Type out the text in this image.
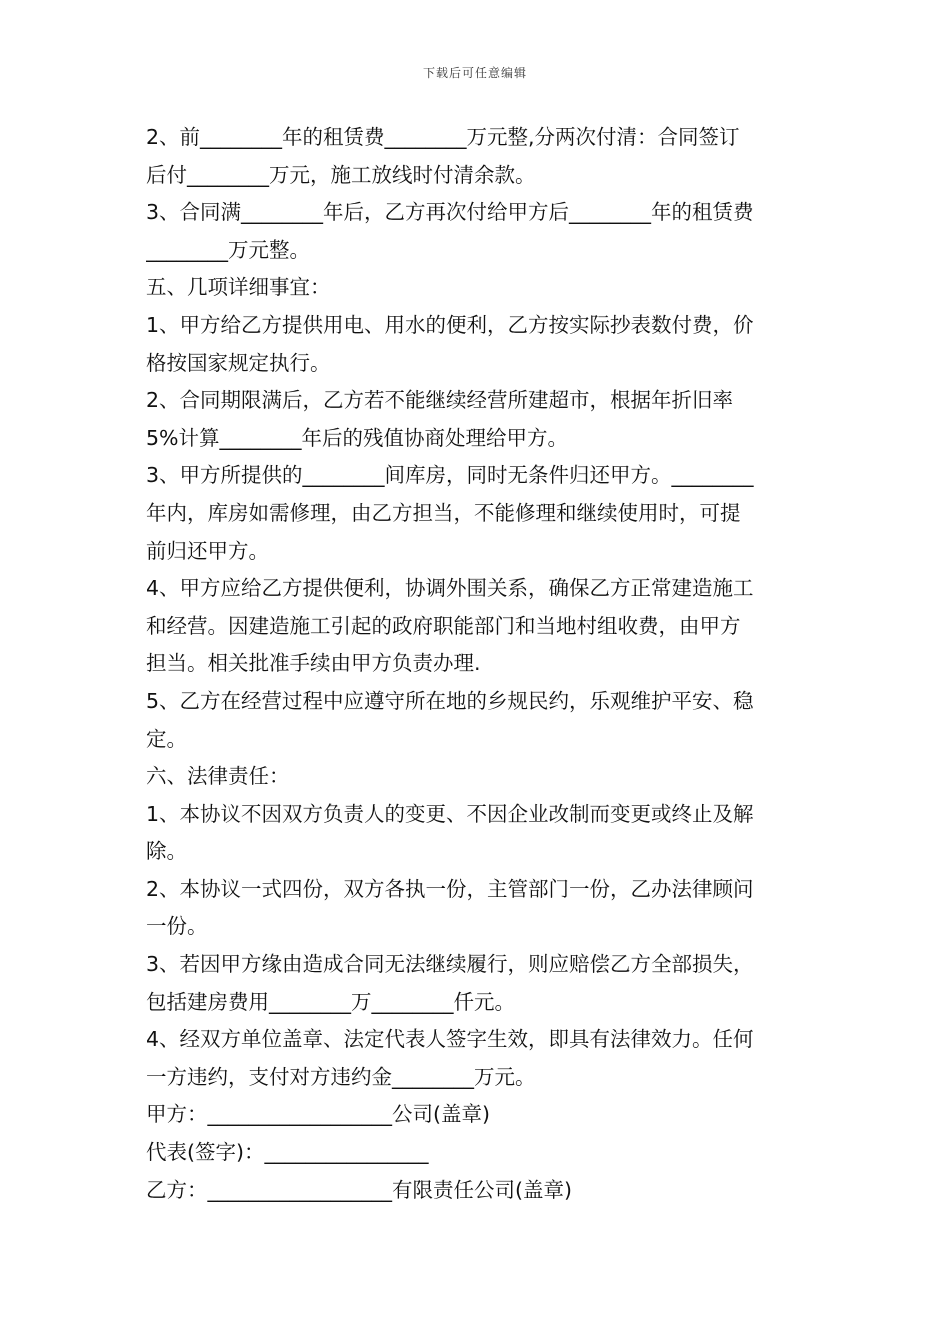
下载后可任意编辑
2、前________年的租赁费________万元整,分两次付清：合同签订
后付________万元，施工放线时付清余款。
3、合同满________年后，乙方再次付给甲方后________年的租赁费
________万元整。
五、几项详细事宜：
1、甲方给乙方提供用电、用水的便利，乙方按实际抄表数付费，价
格按国家规定执行。
2、合同期限满后，乙方若不能继续经营所建超市，根据年折旧率
5%计算________年后的残值协商处理给甲方。
3、甲方所提供的________间库房，同时无条件归还甲方。________
年内，库房如需修理，由乙方担当，不能修理和继续使用时，可提
前归还甲方。
4、甲方应给乙方提供便利，协调外围关系，确保乙方正常建造施工
和经营。因建造施工引起的政府职能部门和当地村组收费，由甲方
担当。相关批准手续由甲方负责办理.
5、乙方在经营过程中应遵守所在地的乡规民约，乐观维护平安、稳
定。
六、法律责任：
1、本协议不因双方负责人的变更、不因企业改制而变更或终止及解
除。
2、本协议一式四份，双方各执一份，主管部门一份，乙办法律顾问
一份。
3、若因甲方缘由造成合同无法继续履行，则应赔偿乙方全部损失，
包括建房费用________万________仟元。
4、经双方单位盖章、法定代表人签字生效，即具有法律效力。任何
一方违约，支付对方违约金________万元。
甲方：__________________公司(盖章)
代表(签字)：________________
乙方：__________________有限责任公司(盖章)
